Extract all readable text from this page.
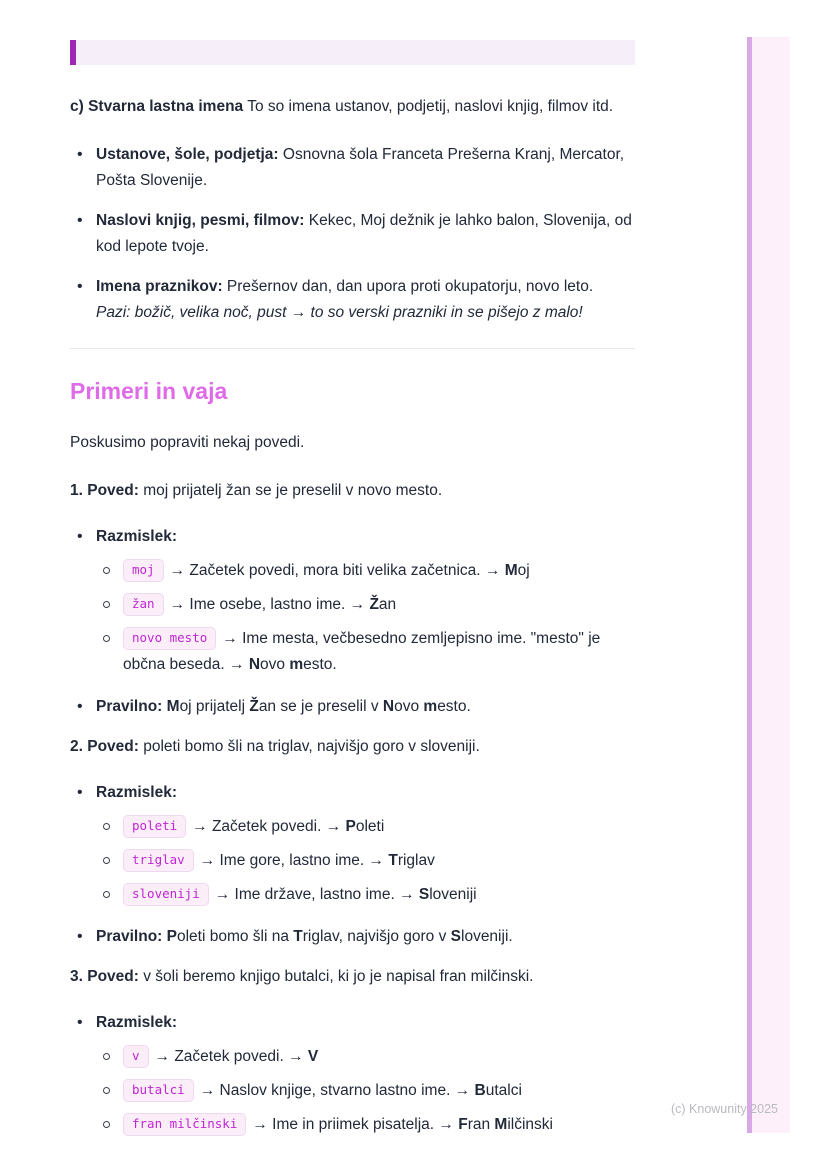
(c) Knowunity 2025

c) Stvarna lastna imena To so imena ustanov, podjetij, naslovi knjig, filmov itd.

• Ustanove, šole, podjetja: Osnovna šola Franceta Prešerna Kranj, Mercator, Pošta Slovenije.
• Naslovi knjig, pesmi, filmov: Kekec, Moj dežnik je lahko balon, Slovenija, od kod lepote tvoje.
• Imena praznikov: Prešernov dan, dan upora proti okupatorju, novo leto.
Pazi: božič, velika noč, pust → to so verski prazniki in se pišejo z malo!
Primeri in vaja

Poskusimo popraviti nekaj povedi.

1. Poved: moj prijatelj žan se je preselil v novo mesto.

• Razmislek:
moj → Začetek povedi, mora biti velika začetnica. → Moj
žan → Ime osebe, lastno ime. → Žan
novo mesto → Ime mesta, večbesedno zemljepisno ime. "mesto" je občna beseda. → Novo mesto.
• Pravilno: Moj prijatelj Žan se je preselil v Novo mesto.

2. Poved: poleti bomo šli na triglav, najvišjo goro v sloveniji.

• Razmislek:
poleti → Začetek povedi. → Poleti
triglav → Ime gore, lastno ime. → Triglav
sloveniji → Ime države, lastno ime. → Sloveniji
• Pravilno: Poleti bomo šli na Triglav, najvišjo goro v Sloveniji.

3. Poved: v šoli beremo knjigo butalci, ki jo je napisal fran milčinski.

• Razmislek:
v → Začetek povedi. → V
butalci → Naslov knjige, stvarno lastno ime. → Butalci
fran milčinski → Ime in priimek pisatelja. → Fran Milčinski
